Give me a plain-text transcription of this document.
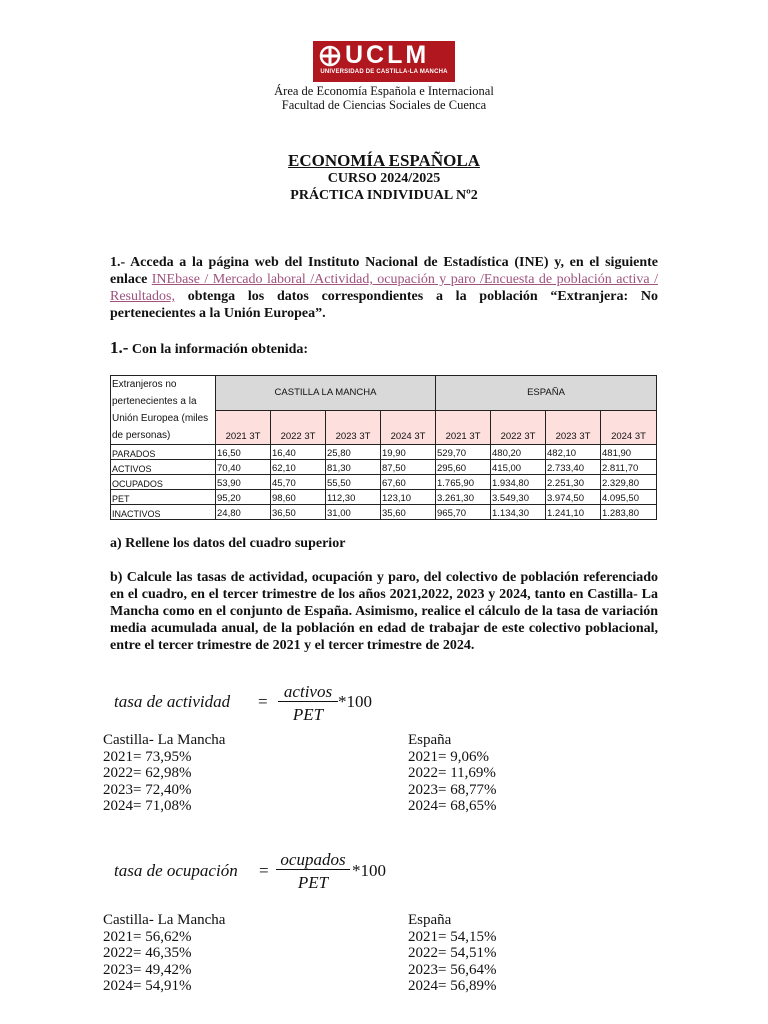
UCLM
UNIVERSIDAD DE CASTILLA-LA MANCHA
Área de Economía Española e Internacional
Facultad de Ciencias Sociales de Cuenca
ECONOMÍA ESPAÑOLA
CURSO 2024/2025
PRÁCTICA INDIVIDUAL Nº2
1.- Acceda a la página web del Instituto Nacional de Estadística (INE) y, en el siguiente enlace INEbase / Mercado laboral /Actividad, ocupación y paro /Encuesta de población activa / Resultados, obtenga los datos correspondientes a la población “Extranjera: No pertenecientes a la Unión Europea”.
1.- Con la información obtenida:
Extranjeros no pertenecientes a la Unión Europea (miles de personas)	CASTILLA LA MANCHA				ESPAÑA			
	2021 3T	2022 3T	2023 3T	2024 3T	2021 3T	2022 3T	2023 3T	2024 3T
PARADOS	16,50	16,40	25,80	19,90	529,70	480,20	482,10	481,90
ACTIVOS	70,40	62,10	81,30	87,50	295,60	415,00	2.733,40	2.811,70
OCUPADOS	53,90	45,70	55,50	67,60	1.765,90	1.934,80	2.251,30	2.329,80
PET	95,20	98,60	112,30	123,10	3.261,30	3.549,30	3.974,50	4.095,50
INACTIVOS	24,80	36,50	31,00	35,60	965,70	1.134,30	1.241,10	1.283,80
a) Rellene los datos del cuadro superior
b) Calcule las tasas de actividad, ocupación y paro, del colectivo de población referenciado en el cuadro, en el tercer trimestre de los años 2021,2022, 2023 y 2024, tanto en Castilla- La Mancha como en el conjunto de España. Asimismo, realice el cálculo de la tasa de variación media acumulada anual, de la población en edad de trabajar de este colectivo poblacional, entre el tercer trimestre de 2021 y el tercer trimestre de 2024.
tasa de actividad =
activos
PET
*100
Castilla- La Mancha
2021= 73,95%
2022= 62,98%
2023= 72,40%
2024= 71,08%
España
2021= 9,06%
2022= 11,69%
2023= 68,77%
2024= 68,65%
tasa de ocupación =
ocupados
PET
*100
Castilla- La Mancha
2021= 56,62%
2022= 46,35%
2023= 49,42%
2024= 54,91%
España
2021= 54,15%
2022= 54,51%
2023= 56,64%
2024= 56,89%
